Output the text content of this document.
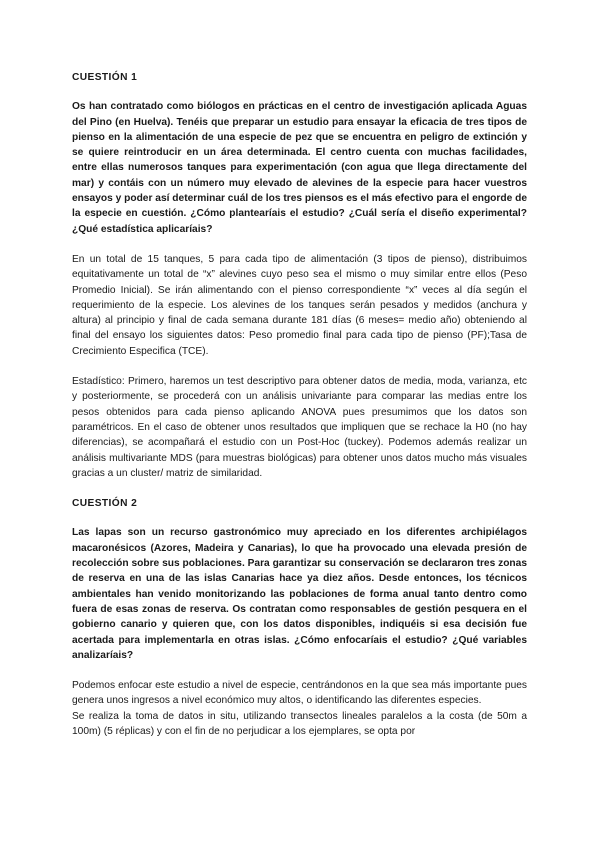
CUESTIÓN 1
Os han contratado como biólogos en prácticas en el centro de investigación aplicada Aguas del Pino (en Huelva). Tenéis que preparar un estudio para ensayar la eficacia de tres tipos de pienso en la alimentación de una especie de pez que se encuentra en peligro de extinción y se quiere reintroducir en un área determinada. El centro cuenta con muchas facilidades, entre ellas numerosos tanques para experimentación (con agua que llega directamente del mar) y contáis con un número muy elevado de alevines de la especie para hacer vuestros ensayos y poder así determinar cuál de los tres piensos es el más efectivo para el engorde de la especie en cuestión. ¿Cómo plantearíais el estudio? ¿Cuál sería el diseño experimental? ¿Qué estadística aplicaríais?
En un total de 15 tanques, 5 para cada tipo de alimentación (3 tipos de pienso), distribuimos equitativamente un total de “x” alevines cuyo peso sea el mismo o muy similar entre ellos (Peso Promedio Inicial). Se irán alimentando con el pienso correspondiente “x” veces al día según el requerimiento de la especie. Los alevines de los tanques serán pesados y medidos (anchura y altura) al principio y final de cada semana durante 181 días (6 meses= medio año) obteniendo al final del ensayo los siguientes datos: Peso promedio final para cada tipo de pienso (PF);Tasa de Crecimiento Especifica (TCE).
Estadístico: Primero, haremos un test descriptivo para obtener datos de media, moda, varianza, etc y posteriormente, se procederá con un análisis univariante para comparar las medias entre los pesos obtenidos para cada pienso aplicando ANOVA pues presumimos que los datos son paramétricos. En el caso de obtener unos resultados que impliquen que se rechace la H0 (no hay diferencias), se acompañará el estudio con un Post-Hoc (tuckey). Podemos además realizar un análisis multivariante MDS (para muestras biológicas) para obtener unos datos mucho más visuales gracias a un cluster/ matriz de similaridad.
CUESTIÓN 2
Las lapas son un recurso gastronómico muy apreciado en los diferentes archipiélagos macaronésicos (Azores, Madeira y Canarias), lo que ha provocado una elevada presión de recolección sobre sus poblaciones. Para garantizar su conservación se declararon tres zonas de reserva en una de las islas Canarias hace ya diez años. Desde entonces, los técnicos ambientales han venido monitorizando las poblaciones de forma anual tanto dentro como fuera de esas zonas de reserva. Os contratan como responsables de gestión pesquera en el gobierno canario y quieren que, con los datos disponibles, indiquéis si esa decisión fue acertada para implementarla en otras islas. ¿Cómo enfocaríais el estudio? ¿Qué variables analizaríais?
Podemos enfocar este estudio a nivel de especie, centrándonos en la que sea más importante pues genera unos ingresos a nivel económico muy altos, o identificando las diferentes especies.
Se realiza la toma de datos in situ, utilizando transectos lineales paralelos a la costa (de 50m a 100m) (5 réplicas) y con el fin de no perjudicar a los ejemplares, se opta por
